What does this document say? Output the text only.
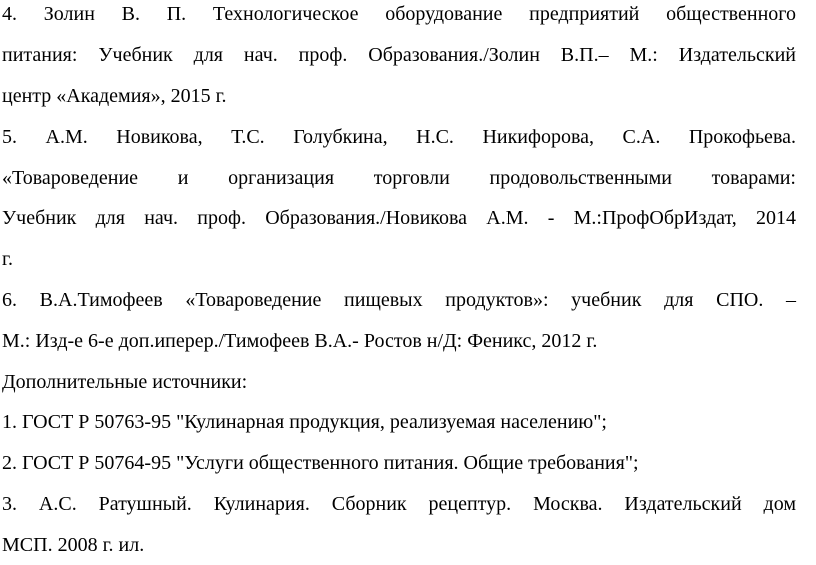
4. Золин В. П. Технологическое оборудование предприятий общественного
питания: Учебник для нач. проф. Образования./Золин В.П.– М.: Издательский
центр «Академия», 2015 г.
5. А.М. Новикова, Т.С. Голубкина, Н.С. Никифорова, С.А. Прокофьева.
«Товароведение и организация торговли продовольственными товарами:
Учебник для нач. проф. Образования./Новикова А.М. - М.:ПрофОбрИздат, 2014
г.
6. В.А.Тимофеев «Товароведение пищевых продуктов»: учебник для СПО. –
М.: Изд-е 6-е доп.иперер./Тимофеев В.А.- Ростов н/Д: Феникс, 2012 г.
Дополнительные источники:
1. ГОСТ Р 50763-95 "Кулинарная продукция, реализуемая населению";
2. ГОСТ Р 50764-95 "Услуги общественного питания. Общие требования";
3. А.С. Ратушный. Кулинария. Сборник рецептур. Москва. Издательский дом
МСП. 2008 г. ил.
